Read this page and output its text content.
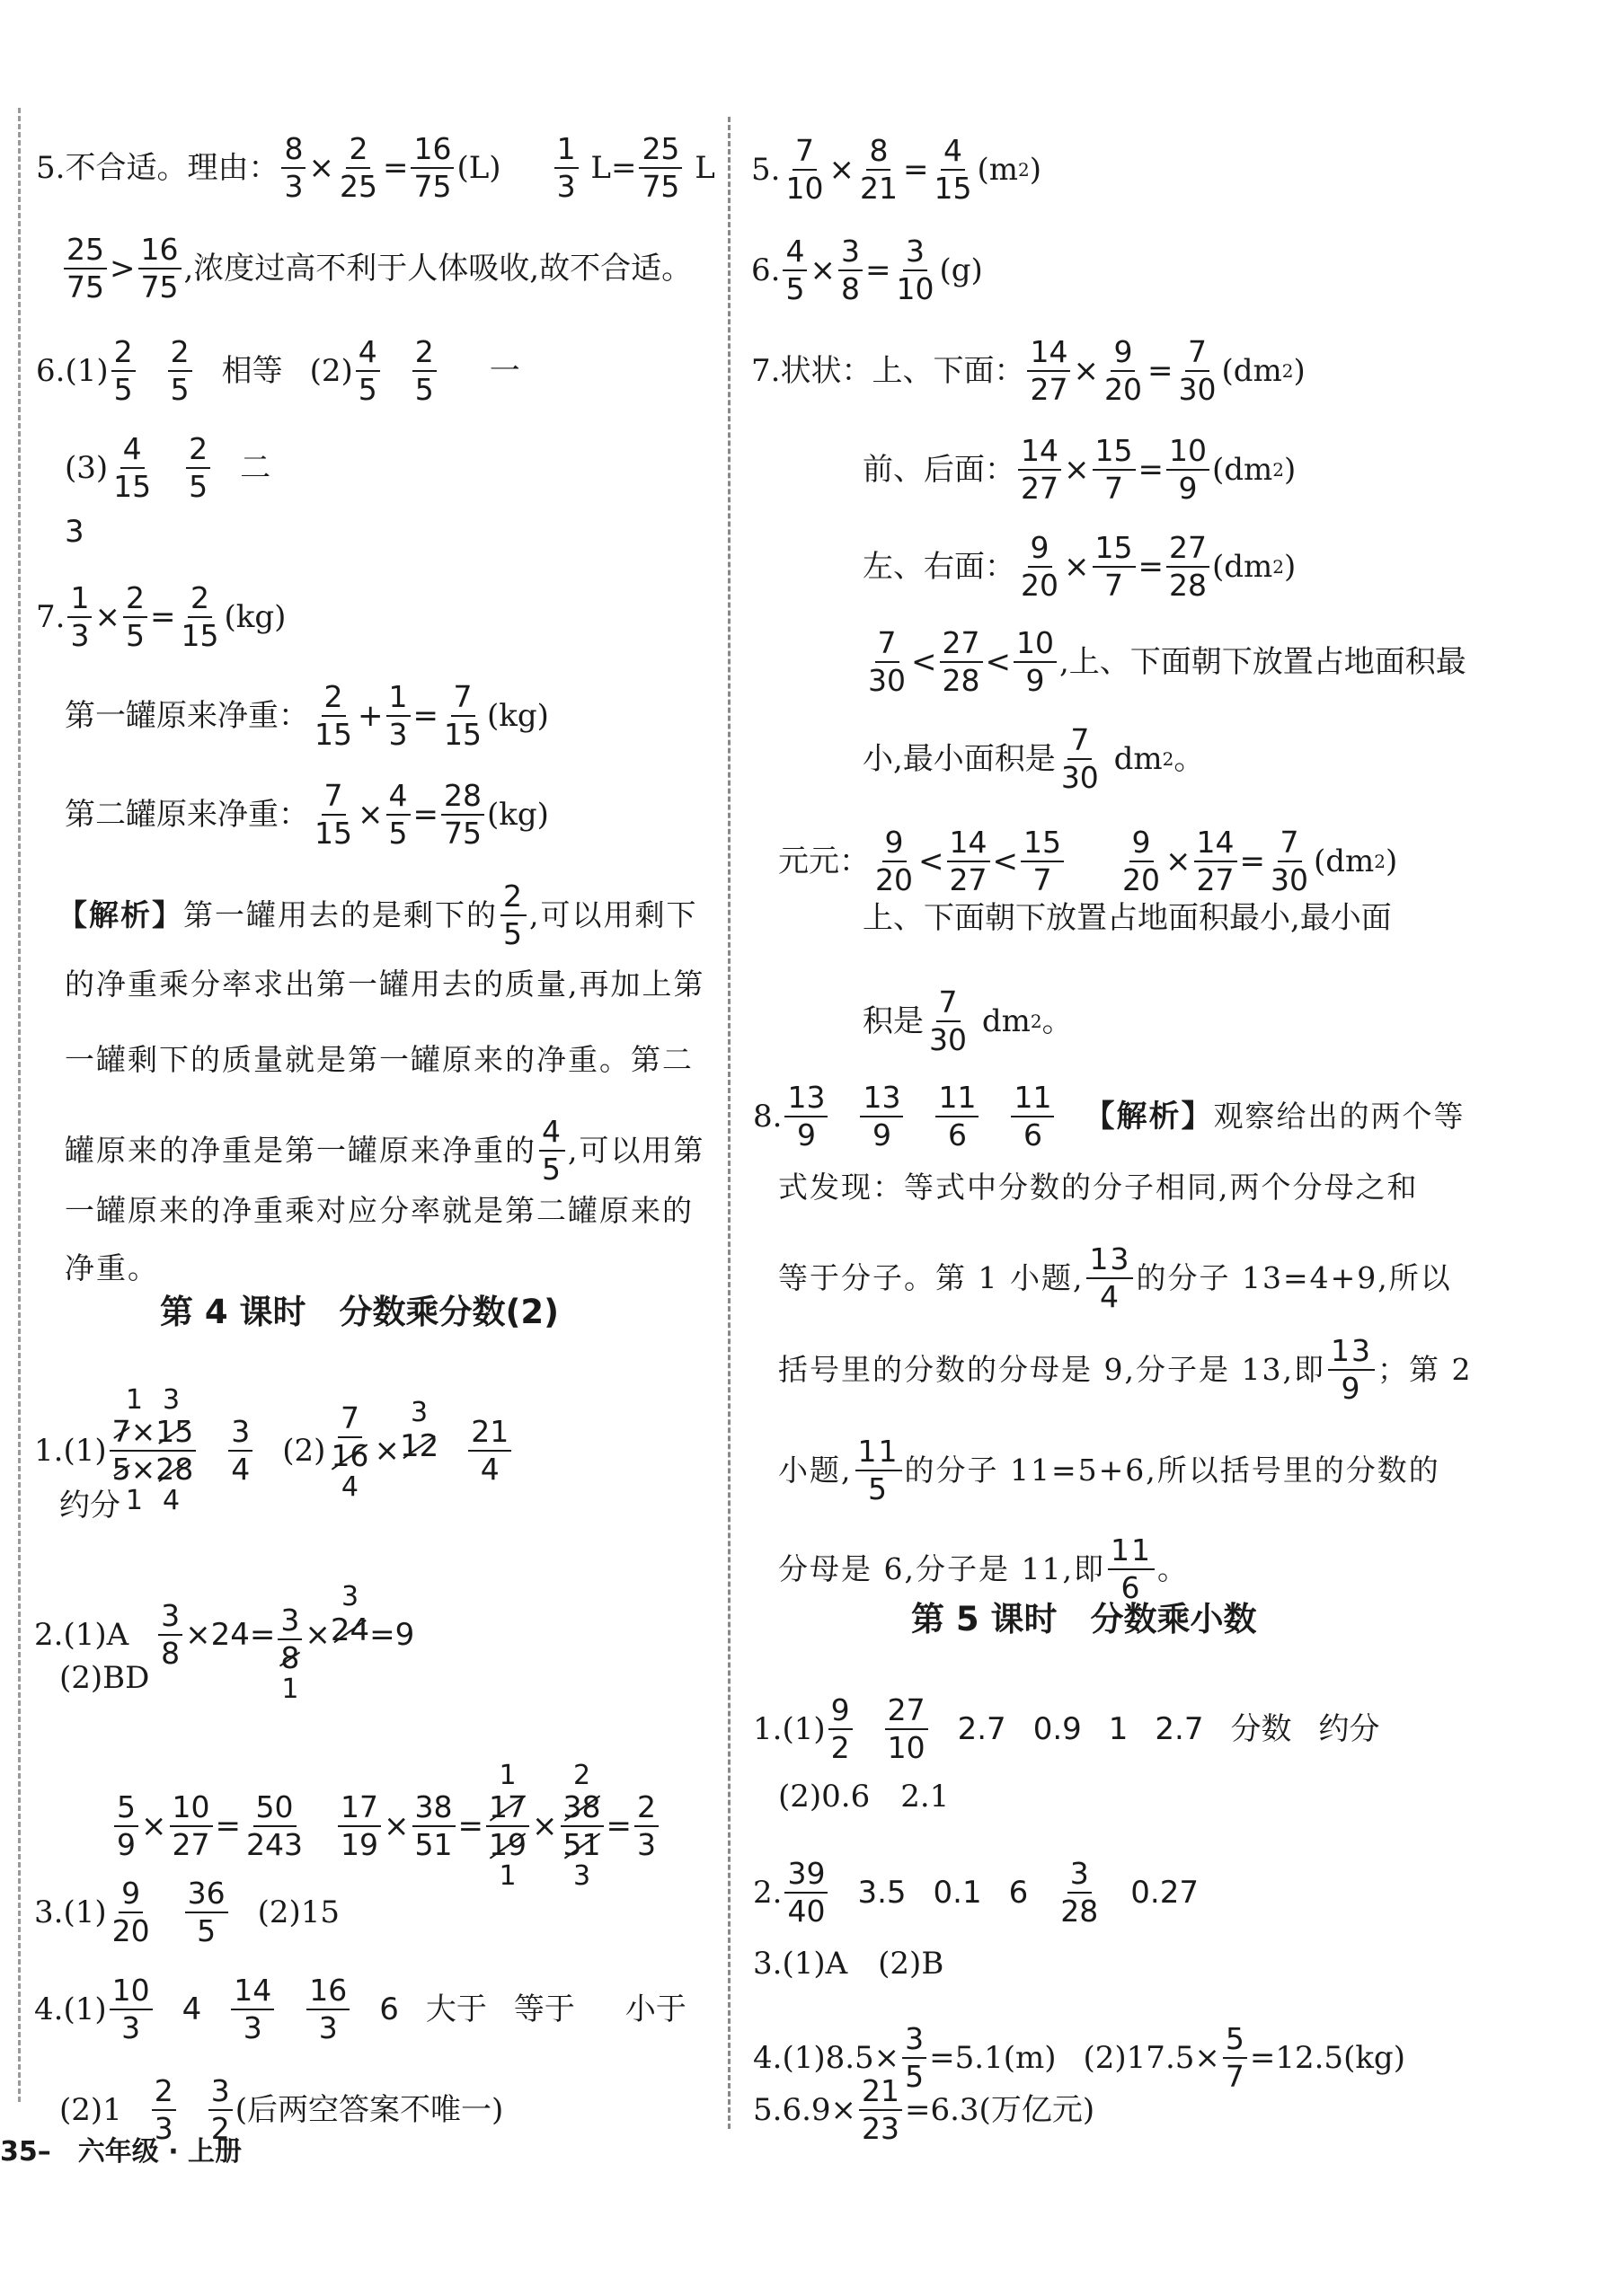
5.不合适。理由： $\frac{8}{3} \times \frac{2}{25} = \frac{16}{75} (L)$
1
3
$L= \frac{25}{75}$
L
25
75
>
16
75
,浓度过高不利于人体吸收,故不合适。
6.(1)
2
5
2
5
相等 (2)
4
5
2
5
一
(3)
4
15
2
5
二
3
7. $\frac{1}{3} \times \frac{2}{5} = \frac{2}{15} (kg)$
第一罐原来净重：
2
15
+ $\frac{1}{3} = \frac{7}{15} (kg)$
第二罐原来净重： $\frac{7}{15} \times \frac{4}{5} = \frac{28}{75} (kg)$
【解析】 第一罐用去的是剩下的
2
5
,可以用剩下
的净重乘分率求出第一罐用去的质量,再加上第
一罐剩下的质量就是第一罐原来的净重。第二
罐原来的净重是第一罐原来净重的
4
5
,可以用第
一罐原来的净重乘对应分率就是第二罐原来的
净重。
第 4 课时　分数乘分数(2)
1.(1)
1 3
7×15
5×28
1 4
3
4
(2)
7
16
4
×
3
12 21
4
约分
$2.(1)A \frac{3}{8} \times 24= 3$
8
1
×
3
24 =9
(2)BD
$\frac{5}{9} \times \frac{10}{27} = \frac{50}{243} \frac{17}{19} \times \frac{38}{51}$ =
1
17
19
1
×
2
38
51
3
= $\frac{2}{3}$
3.(1)
9
20
36
5
(2)15
4.(1)
10
3
4
14
3
16
3
6 大于 等于 小于
(2)1
2
3
3
2
(后两空答案不唯一)
5. $\frac{7}{10} \times \frac{8}{21} = \frac{4}{15} (m$ 2 )
6. $\frac{4}{5} \times \frac{3}{8} = \frac{3}{10} (g)$
7.状状：上、下面： $\frac{14}{27} \times \frac{9}{20} = \frac{7}{30} (dm$ 2 )
前、后面： $\frac{14}{27} \times \frac{15}{7} = \frac{10}{9} (dm$ 2 )
左、右面： $\frac{9}{20} \times \frac{15}{7} = \frac{27}{28} (dm$ 2 )
7
30
<
27
28
<
10
9
,上、下面朝下放置占地面积最
小,最小面积是
7
30

dm 2 。
元元：
9
20
<
14
27
<
15
$7 \frac{9}{20} \times \frac{14}{27} = \frac{7}{30} (dm$ 2 )
上、下面朝下放置占地面积最小,最小面
积是
7
30

dm 2 。
8.
13
9
13
9
11
6
11
6
【解析】 观察给出的两个等
式发现：等式中分数的分子相同,两个分母之和
等于分子。第 1 小题,
13
4
的分子 13=4+9,所以
括号里的分数的分母是 9,分子是 13,即
13
9
；第 2
小题,
11
5
的分子 11=5+6,所以括号里的分数的
分母是 6,分子是 11,即
11
6
。
第 5 课时　分数乘小数
1.(1)
9
2
27
10
2.7 0.9 1 2.7 分数 约分
(2)0.6　2.1
2.
39
40
3.5 0.1 6
3
28
0.27
3.(1)A　(2)B
$4.(1)8.5\times \frac{3}{5} =5.1(m)$ $(2)17.5\times \frac{5}{7} =12.5(kg)$
$5.6.9\times \frac{21}{23} =6.3$(万亿元)
35–　六年级 · 上册
